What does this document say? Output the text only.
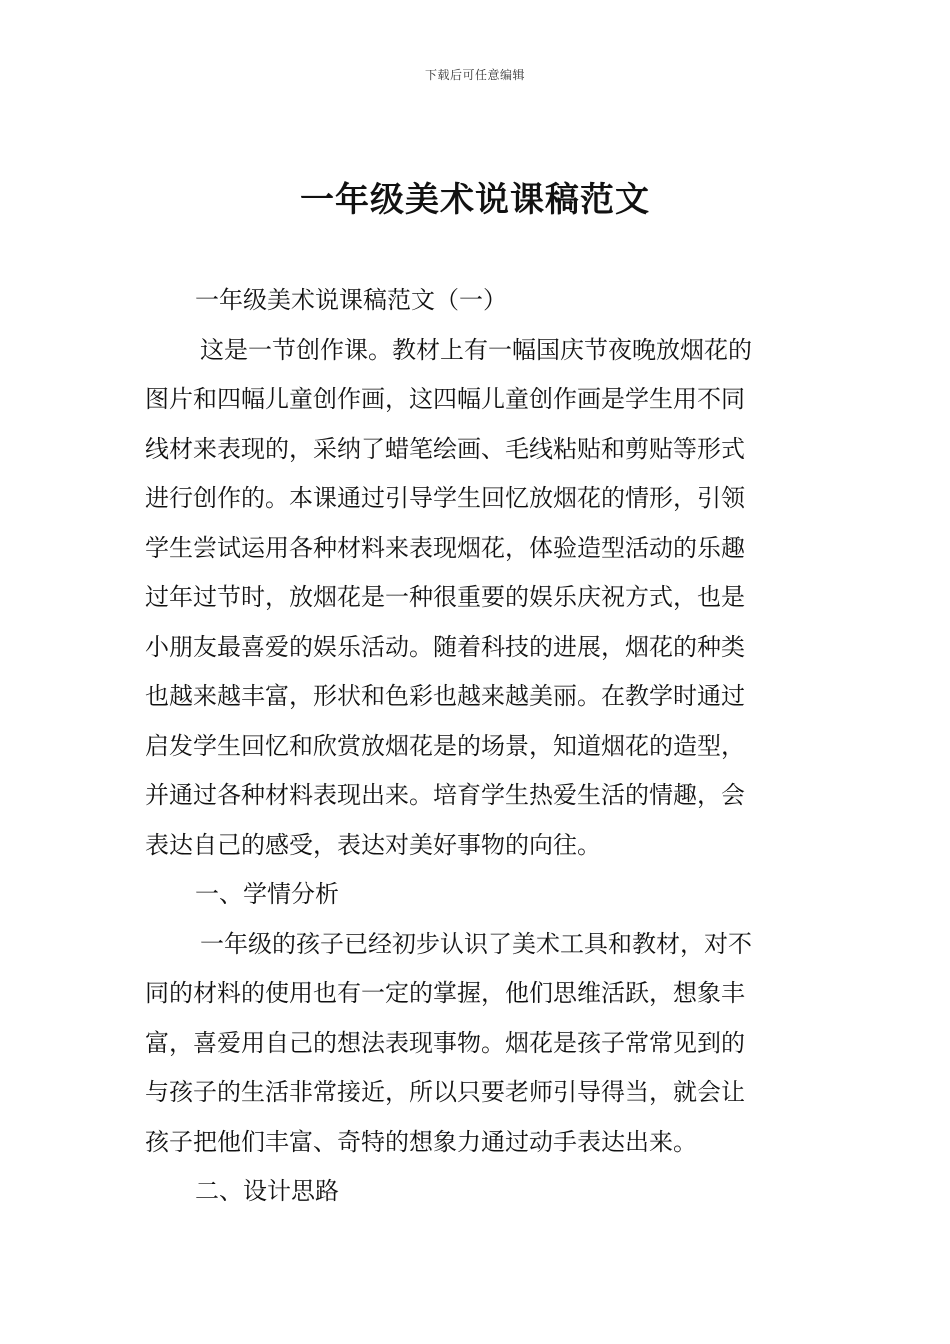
下载后可任意编辑
一年级美术说课稿范文
一年级美术说课稿范文（一）
这是一节创作课。教材上有一幅国庆节夜晚放烟花的
图片和四幅儿童创作画，这四幅儿童创作画是学生用不同
线材来表现的，采纳了蜡笔绘画、毛线粘贴和剪贴等形式
进行创作的。本课通过引导学生回忆放烟花的情形，引领
学生尝试运用各种材料来表现烟花，体验造型活动的乐趣
过年过节时，放烟花是一种很重要的娱乐庆祝方式，也是
小朋友最喜爱的娱乐活动。随着科技的进展，烟花的种类
也越来越丰富，形状和色彩也越来越美丽。在教学时通过
启发学生回忆和欣赏放烟花是的场景，知道烟花的造型，
并通过各种材料表现出来。培育学生热爱生活的情趣，会
表达自己的感受，表达对美好事物的向往。
一、学情分析
一年级的孩子已经初步认识了美术工具和教材，对不
同的材料的使用也有一定的掌握，他们思维活跃，想象丰
富，喜爱用自己的想法表现事物。烟花是孩子常常见到的
与孩子的生活非常接近，所以只要老师引导得当，就会让
孩子把他们丰富、奇特的想象力通过动手表达出来。
二、设计思路
